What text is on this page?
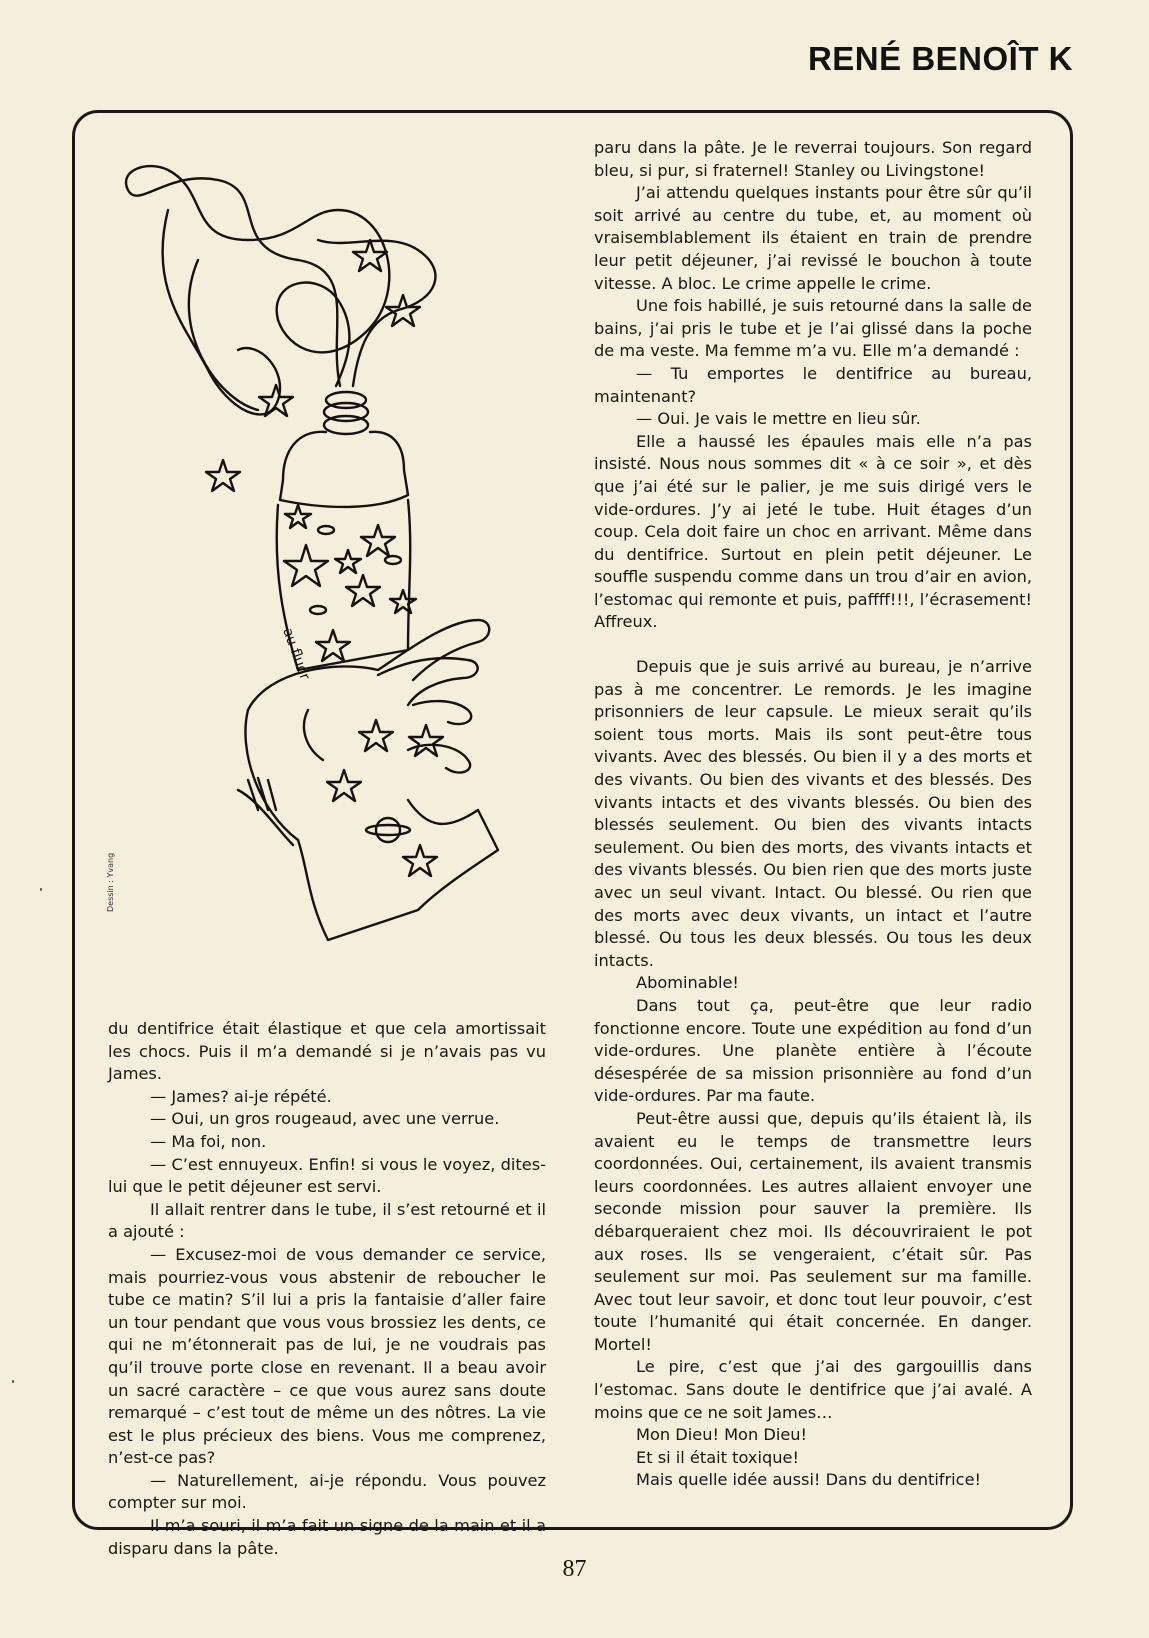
RENÉ BENOÎT K
au fluor
Dessin : Yvang

du dentifrice était élastique et que cela amortissait les chocs. Puis il m’a demandé si je n’avais pas vu James.

— James? ai-je répété.

— Oui, un gros rougeaud, avec une verrue.

— Ma foi, non.

— C’est ennuyeux. Enfin! si vous le voyez, dites-lui que le petit déjeuner est servi.

Il allait rentrer dans le tube, il s’est retourné et il a ajouté :

— Excusez-moi de vous demander ce service, mais pourriez-vous vous abstenir de reboucher le tube ce matin? S’il lui a pris la fantaisie d’aller faire un tour pendant que vous vous brossiez les dents, ce qui ne m’étonnerait pas de lui, je ne voudrais pas qu’il trouve porte close en revenant. Il a beau avoir un sacré caractère – ce que vous aurez sans doute remarqué – c’est tout de même un des nôtres. La vie est le plus précieux des biens. Vous me comprenez, n’est-ce pas?

— Naturellement, ai-je répondu. Vous pouvez compter sur moi.

Il m’a souri, il m’a fait un signe de la main et il a disparu dans la pâte.

paru dans la pâte. Je le reverrai toujours. Son regard bleu, si pur, si fraternel! Stanley ou Livingstone!

J’ai attendu quelques instants pour être sûr qu’il soit arrivé au centre du tube, et, au moment où vraisemblablement ils étaient en train de prendre leur petit déjeuner, j’ai revissé le bouchon à toute vitesse. A bloc. Le crime appelle le crime.

Une fois habillé, je suis retourné dans la salle de bains, j’ai pris le tube et je l’ai glissé dans la poche de ma veste. Ma femme m’a vu. Elle m’a demandé :

— Tu emportes le dentifrice au bureau, maintenant?

— Oui. Je vais le mettre en lieu sûr.

Elle a haussé les épaules mais elle n’a pas insisté. Nous nous sommes dit « à ce soir », et dès que j’ai été sur le palier, je me suis dirigé vers le vide-ordures. J’y ai jeté le tube. Huit étages d’un coup. Cela doit faire un choc en arrivant. Même dans du dentifrice. Surtout en plein petit déjeuner. Le souffle suspendu comme dans un trou d’air en avion, l’estomac qui remonte et puis, paffff!!!, l’écrasement! Affreux.

Depuis que je suis arrivé au bureau, je n’arrive pas à me concentrer. Le remords. Je les imagine prisonniers de leur capsule. Le mieux serait qu’ils soient tous morts. Mais ils sont peut-être tous vivants. Avec des blessés. Ou bien il y a des morts et des vivants. Ou bien des vivants et des blessés. Des vivants intacts et des vivants blessés. Ou bien des blessés seulement. Ou bien des vivants intacts seulement. Ou bien des morts, des vivants intacts et des vivants blessés. Ou bien rien que des morts juste avec un seul vivant. Intact. Ou blessé. Ou rien que des morts avec deux vivants, un intact et l’autre blessé. Ou tous les deux blessés. Ou tous les deux intacts.

Abominable!

Dans tout ça, peut-être que leur radio fonctionne encore. Toute une expédition au fond d’un vide-ordures. Une planète entière à l’écoute désespérée de sa mission prisonnière au fond d’un vide-ordures. Par ma faute.

Peut-être aussi que, depuis qu’ils étaient là, ils avaient eu le temps de transmettre leurs coordonnées. Oui, certainement, ils avaient transmis leurs coordonnées. Les autres allaient envoyer une seconde mission pour sauver la première. Ils débarqueraient chez moi. Ils découvriraient le pot aux roses. Ils se vengeraient, c’était sûr. Pas seulement sur moi. Pas seulement sur ma famille. Avec tout leur savoir, et donc tout leur pouvoir, c’est toute l’humanité qui était concernée. En danger. Mortel!

Le pire, c’est que j’ai des gargouillis dans l’estomac. Sans doute le dentifrice que j’ai avalé. A moins que ce ne soit James…

Mon Dieu! Mon Dieu!

Et si il était toxique!

Mais quelle idée aussi! Dans du dentifrice!

87
